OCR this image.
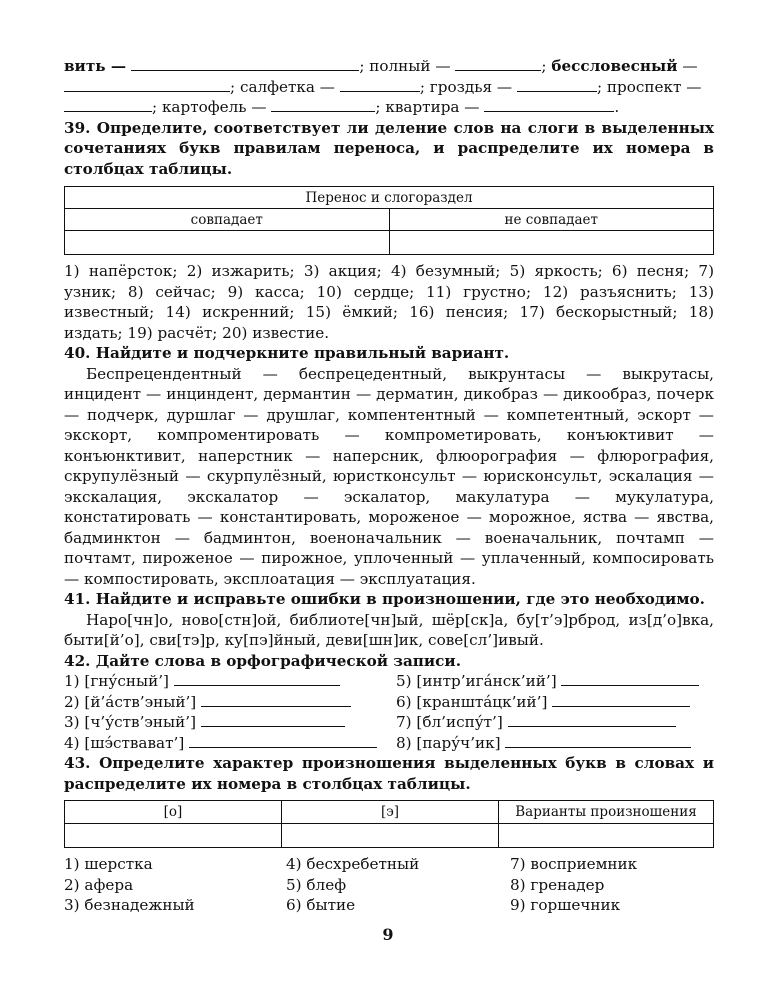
вить —	; полный —	; бессловесный —

; салфетка —	; гроздья —	; проспект —

; картофель —	; квартира —	.

39. Определите, соответствует ли деление слов на слоги в выделенных сочетаниях букв правилам переноса, и распределите их номера в столбцах таблицы.

Перенос и слогораздел	
совпадает	не совпадает

1) напёрсток; 2) изжарить; 3) акция; 4) безумный; 5) яркость; 6) песня; 7) узник; 8) сейчас; 9) касса; 10) сердце; 11) грустно; 12) разъяснить; 13) известный; 14) искренний; 15) ёмкий; 16) пенсия; 17) бескорыстный; 18) издать; 19) расчёт; 20) известие.

40. Найдите и подчеркните правильный вариант.

Беспрецендентный — беспрецедентный, выкрунтасы — выкрутасы, инцидент — инциндент, дермантин — дерматин, дикобраз — дикообраз, почерк — подчерк, дуршлаг — друшлаг, компентентный — компетентный, эскорт — экскорт, компроментировать — компрометировать, конъюктивит — конъюнктивит, наперстник — наперсник, флюорография — флюрография, скрупулёзный — скурпулёзный, юристконсульт — юрисконсульт, эскалация — экскалация, экскалатор — эскалатор, макулатура — мукулатура, констатировать — константировать, мороженое — морожное, яства — явства, бадминктон — бадминтон, военоначальник — военачальник, почтамп — почтамт, пироженое — пирожное, уплоченный — уплаченный, компосировать — компостировать, эксплоатация — эксплуатация.

41. Найдите и исправьте ошибки в произношении, где это необходимо.

Наро[чн]о, ново[стн]ой, библиоте[чн]ый, шёр[ск]а, бу[т’э]рброд, из[д’о]вка, быти[й’о], сви[тэ]р, ку[пэ]йный, деви[шн]ик, сове[сл’]ивый.

42. Дайте слова в орфографической записи.

1) [гну́сный’]

2) [й’а́ств’эный’]

3) [ч’у́ств’эный’]

4) [шэ́ствават’]

5) [интр’ига́нск’ий’]

6) [кранштáцк’ий’]

7) [бл’испу́т’]

8) [пару́ч’ик]

43. Определите характер произношения выделенных букв в словах и распределите их номера в столбцах таблицы.

[о]	[э]	Варианты произношения

1) шерстка	4) бесхребетный	7) восприемник
2) афера	5) блеф	8) гренадер
3) безнадежный	6) бытие	9) горшечник
9
